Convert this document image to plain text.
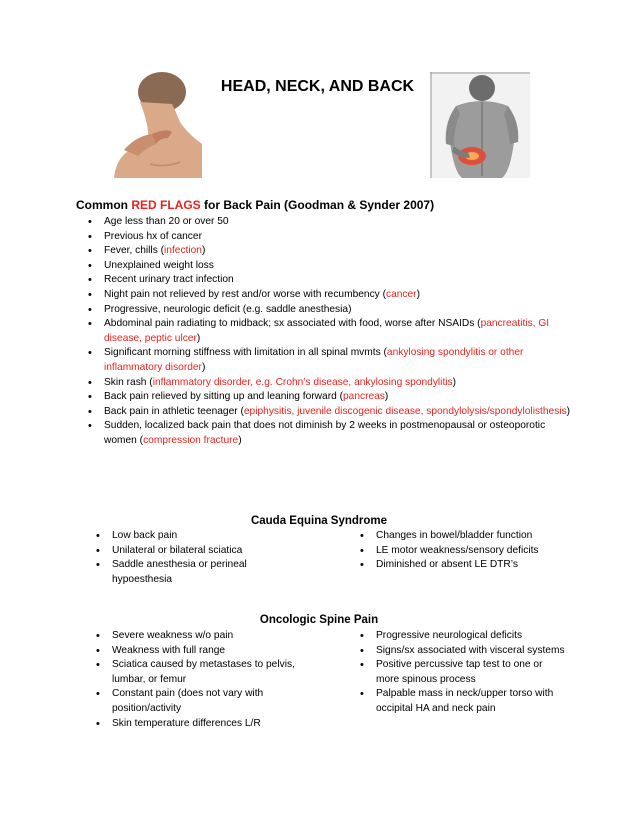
HEAD, NECK, AND BACK
Common RED FLAGS for Back Pain (Goodman & Synder 2007)
• Age less than 20 or over 50
• Previous hx of cancer
• Fever, chills (infection)
• Unexplained weight loss
• Recent urinary tract infection
• Night pain not relieved by rest and/or worse with recumbency (cancer)
• Progressive, neurologic deficit (e.g. saddle anesthesia)
• Abdominal pain radiating to midback; sx associated with food, worse after NSAIDs (pancreatitis, GI disease, peptic ulcer)
• Significant morning stiffness with limitation in all spinal mvmts (ankylosing spondylitis or other inflammatory disorder)
• Skin rash (inflammatory disorder, e.g. Crohn’s disease, ankylosing spondylitis)
• Back pain relieved by sitting up and leaning forward (pancreas)
• Back pain in athletic teenager (epiphysitis, juvenile discogenic disease, spondylolysis/spondylolisthesis)
• Sudden, localized back pain that does not diminish by 2 weeks in postmenopausal or osteoporotic women (compression fracture)
Cauda Equina Syndrome
• Low back pain
• Unilateral or bilateral sciatica
• Saddle anesthesia or perineal hypoesthesia
• Changes in bowel/bladder function
• LE motor weakness/sensory deficits
• Diminished or absent LE DTR’s
Oncologic Spine Pain
• Severe weakness w/o pain
• Weakness with full range
• Sciatica caused by metastases to pelvis, lumbar, or femur
• Constant pain (does not vary with position/activity
• Skin temperature differences L/R
• Progressive neurological deficits
• Signs/sx associated with visceral systems
• Positive percussive tap test to one or more spinous process
• Palpable mass in neck/upper torso with occipital HA and neck pain
